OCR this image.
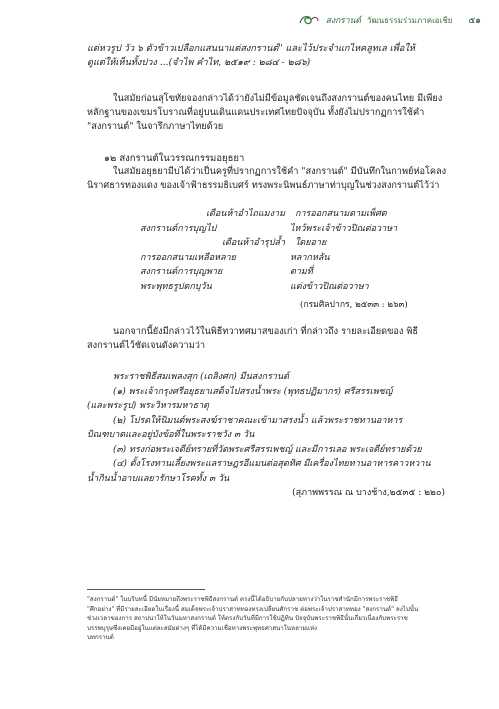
สงกรานต์ วัฒนธรรมร่วมภาคเอเชีย ๕๑

แต่หวรูป วัว ๖ ตัวข้าวเปลือกแสนนาแต่สงกรานต์" และไว้ประจำแกไหคลูทเล เพื่อให้

ดูแต่ให้เห็นทั้งปวง ...(จำไพ คำไท, ๒๕๑๙ : ๒๘๔ - ๒๘๖)

ในสมัยก่อนสุโขทัยจองกล่าวได้ว่ายังไม่มีข้อมูลชัดเจนถึงสงกรานต์ของคนไทย มีเพียง

หลักฐานของเขมรโบราณที่อยู่บนเดินแดนประเทศไทยปัจจุบัน ทั้งยังไม่ปรากฏการใช้คำ

"สงกรานต์" ในจารึกภาษาไทยด้วย

๑๒ สงกรานต์ในวรรณกรรมอยุธยา

ในสมัยอยุธยามีบได้ว่าเป็นครูที่ปรากฏการใช้คำ "สงกรานต์" มีบันทึกในกาพย์ห่อโคลง

นิราศธารทองแดง ของเจ้าฟ้าธรรมธิเบศร์ ทรงพระนิพนธ์ภาษาท่าบุญในช่วงสงกรานต์ไว้ว่า

เดือนห้าอำไถแมงาม	การออกสนามตามเพ็ศต
สงกรานต์การบุญไป	ไหว้พระเจ้าข้าวปิณต่อวาษา
เดือนห้าอำรุปล้ำ	ใดยอาย
การออกสนามเหลือหลาย	หลากหลัน
สงกรานต์การบุญพาย	ตามที่
พระพุทธรูปตกบุวัน	แต่งข้าวปิณต่อวาษา
(กรมศิลปากร, ๒๕๓๓ : ๒๖๓)

นอกจากนี้ยังมีกล่าวไว้ในพิธีทวาทศมาสของเก่า ที่กล่าวถึง รายละเอียดของ พิธี

สงกรานต์ไว้ชัดเจนดังความว่า

พระราชพิธีสมเพลงสุก (เถลิงศก) มีนสงกรานต์

(๑) พระเจ้ากรุงศรีอยุธยาเสด็จไปสรงน้ำพระ (พุทธปฏิมากร) ศรีสรรเพชญ์

(และพระรูป) พระวิหารมหาธาตุ

(๒) โปรดให้นิมนต์พระสงฆ์ราชาคณะเข้ามาสรงน้ำ แล้วพระราชทานอาหาร

บิณฑบาตและอยู่บังข้อที่ในพระราชวัง ๓ วัน

(๓) ทรงก่อพระเจดีย์ทรายที่วัดพระศรีสรรเพชญ์ และมีการเลอ พระเจดีย์ทรายด้วย

(๔) ตั้งโรงทานเลี้ยงพระแลราษฎรอีแมนต่อสุดทิศ มีเครื่องไทยทานอาหารคาวหวาน

น้ำกินน้ำอาบแลยารักษาโรคทั้ง ๓ วัน

(สุภาพพรรณ ณ บางช้าง,๒๕๓๕ : ๒๒๐)

"สงกรานต์" ในบริบทนี้ มีนัยหมายถึงพระราชพิธีสงกรานต์ ตรงนี้ได้อธิบายกับปลายทางว่าในราชสำนักมีการพระราชพิธี

"ศึกอย่าง" ที่มีรายละเอียดในเรื่องนี้ สมเด็จพระเจ้าปราสาททองทรงเปลี่ยนศักราช ต่อพระเจ้าปราสาททอง "สงกรานต์" ลงไปนั้น

ช่วงเวลาของการ สถาปนาให้ในวันมหาสงกรานต์ ให้ตรงกับวันที่มีการใช้ปฏิทิน ปัจจุบันพระราชพิธีนั้นเกี่ยวเนื่องกับพระราช

บรรพบุรุษซึ่งเคยมีอยู่ในแต่ละสมัยต่างๆ ที่ได้มีความเชื่อทางพระพุทธศาสนาในหลายแห่ง

บทกรานต์
